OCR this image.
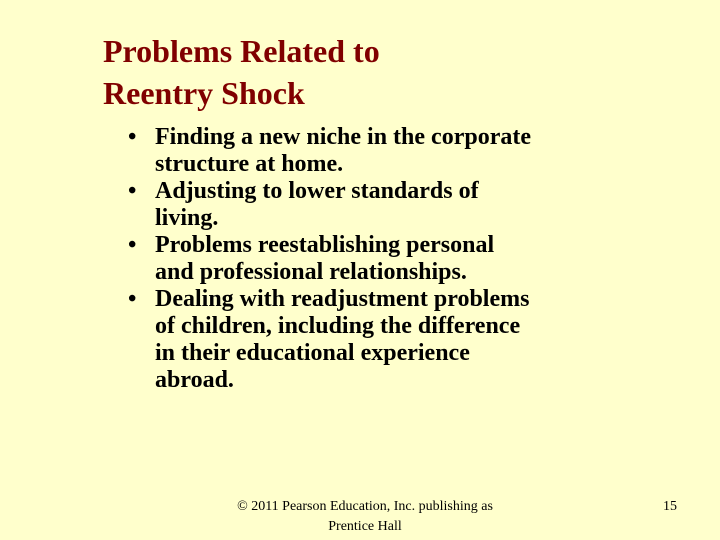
Problems Related to
Reentry Shock
• Finding a new niche in the corporate
structure at home.
• Adjusting to lower standards of
living.
• Problems reestablishing personal
and professional relationships.
• Dealing with readjustment problems
of children, including the difference
in their educational experience
abroad.
© 2011 Pearson Education, Inc. publishing as
Prentice Hall
15
